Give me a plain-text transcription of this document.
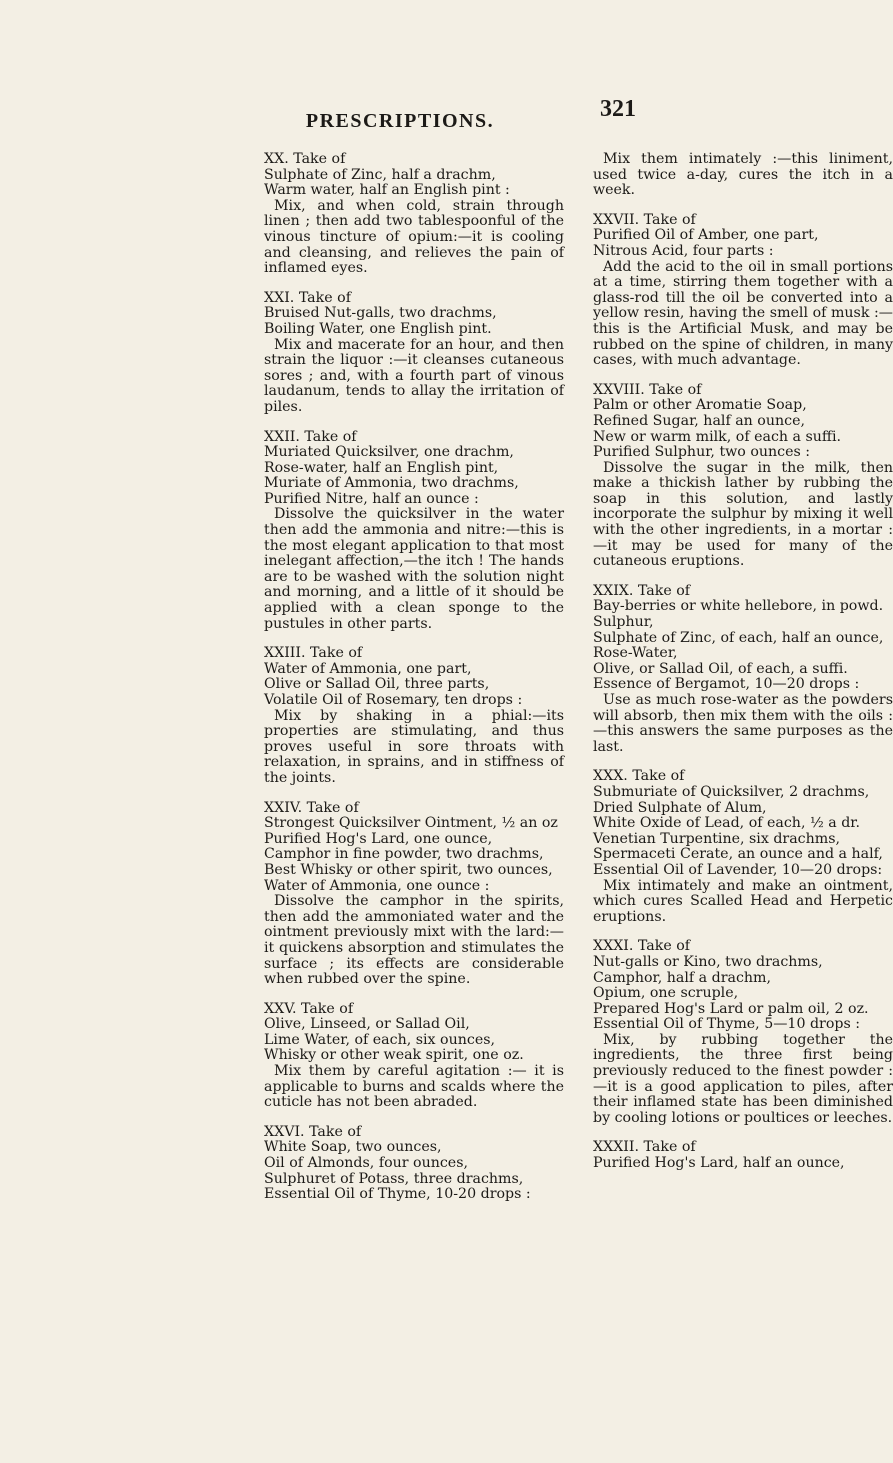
PRESCRIPTIONS.	321

XX. Take of

Sulphate of Zinc, half a drachm,

Warm water, half an English pint :

Mix, and when cold, strain through linen ; then add two tablespoonful of the vinous tincture of opium:—it is cooling and cleansing, and relieves the pain of inflamed eyes.

XXI. Take of

Bruised Nut-galls, two drachms,

Boiling Water, one English pint.

Mix and macerate for an hour, and then strain the liquor :—it cleanses cutaneous sores ; and, with a fourth part of vinous laudanum, tends to allay the irritation of piles.

XXII. Take of

Muriated Quicksilver, one drachm,

Rose-water, half an English pint,

Muriate of Ammonia, two drachms,

Purified Nitre, half an ounce :

Dissolve the quicksilver in the water then add the ammonia and nitre:—this is the most elegant application to that most inelegant affection,—the itch ! The hands are to be washed with the solution night and morning, and a little of it should be applied with a clean sponge to the pustules in other parts.

XXIII. Take of

Water of Ammonia, one part,

Olive or Sallad Oil, three parts,

Volatile Oil of Rosemary, ten drops :

Mix by shaking in a phial:—its properties are stimulating, and thus proves useful in sore throats with relaxation, in sprains, and in stiffness of the joints.

XXIV. Take of

Strongest Quicksilver Ointment, ½ an oz

Purified Hog's Lard, one ounce,

Camphor in fine powder, two drachms,

Best Whisky or other spirit, two ounces,

Water of Ammonia, one ounce :

Dissolve the camphor in the spirits, then add the ammoniated water and the ointment previously mixt with the lard:—it quickens absorption and stimulates the surface ; its effects are considerable when rubbed over the spine.

XXV. Take of

Olive, Linseed, or Sallad Oil,

Lime Water, of each, six ounces,

Whisky or other weak spirit, one oz.

Mix them by careful agitation :— it is applicable to burns and scalds where the cuticle has not been abraded.

XXVI. Take of

White Soap, two ounces,

Oil of Almonds, four ounces,

Sulphuret of Potass, three drachms,

Essential Oil of Thyme, 10-20 drops :

Mix them intimately :—this liniment, used twice a-day, cures the itch in a week.

XXVII. Take of

Purified Oil of Amber, one part,

Nitrous Acid, four parts :

Add the acid to the oil in small portions at a time, stirring them together with a glass-rod till the oil be converted into a yellow resin, having the smell of musk :—this is the Artificial Musk, and may be rubbed on the spine of children, in many cases, with much advantage.

XXVIII. Take of

Palm or other Aromatie Soap,

Refined Sugar, half an ounce,

New or warm milk, of each a suffi.

Purified Sulphur, two ounces :

Dissolve the sugar in the milk, then make a thickish lather by rubbing the soap in this solution, and lastly incorporate the sulphur by mixing it well with the other ingredients, in a mortar :—it may be used for many of the cutaneous eruptions.

XXIX. Take of

Bay-berries or white hellebore, in powd.

Sulphur,

Sulphate of Zinc, of each, half an ounce,

Rose-Water,

Olive, or Sallad Oil, of each, a suffi.

Essence of Bergamot, 10—20 drops :

Use as much rose-water as the powders will absorb, then mix them with the oils :—this answers the same purposes as the last.

XXX. Take of

Submuriate of Quicksilver, 2 drachms,

Dried Sulphate of Alum,

White Oxide of Lead, of each, ½ a dr.

Venetian Turpentine, six drachms,

Spermaceti Cerate, an ounce and a half,

Essential Oil of Lavender, 10—20 drops:

Mix intimately and make an ointment, which cures Scalled Head and Herpetic eruptions.

XXXI. Take of

Nut-galls or Kino, two drachms,

Camphor, half a drachm,

Opium, one scruple,

Prepared Hog's Lard or palm oil, 2 oz.

Essential Oil of Thyme, 5—10 drops :

Mix, by rubbing together the ingredients, the three first being previously reduced to the finest powder :—it is a good application to piles, after their inflamed state has been diminished by cooling lotions or poultices or leeches.

XXXII. Take of

Purified Hog's Lard, half an ounce,
